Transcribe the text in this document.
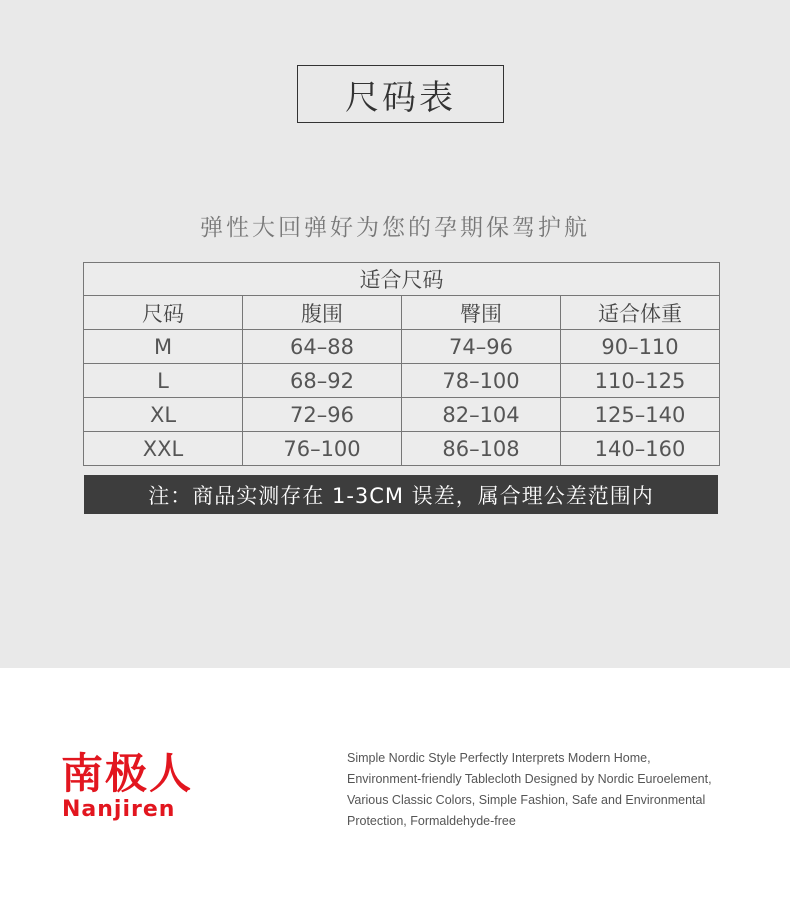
尺码表
弹性大回弹好为您的孕期保驾护航
适合尺码			
尺码	腹围	臀围	适合体重
M	64–88	74–96	90–110
L	68–92	78–100	110–125
XL	72–96	82–104	125–140
XXL	76–100	86–108	140–160
注：商品实测存在 1-3CM 误差，属合理公差范围内
南极人
Nanjiren
Simple Nordic Style Perfectly Interprets Modern Home,
Environment-friendly Tablecloth Designed by Nordic Euroelement,
Various Classic Colors, Simple Fashion, Safe and Environmental
Protection, Formaldehyde-free
